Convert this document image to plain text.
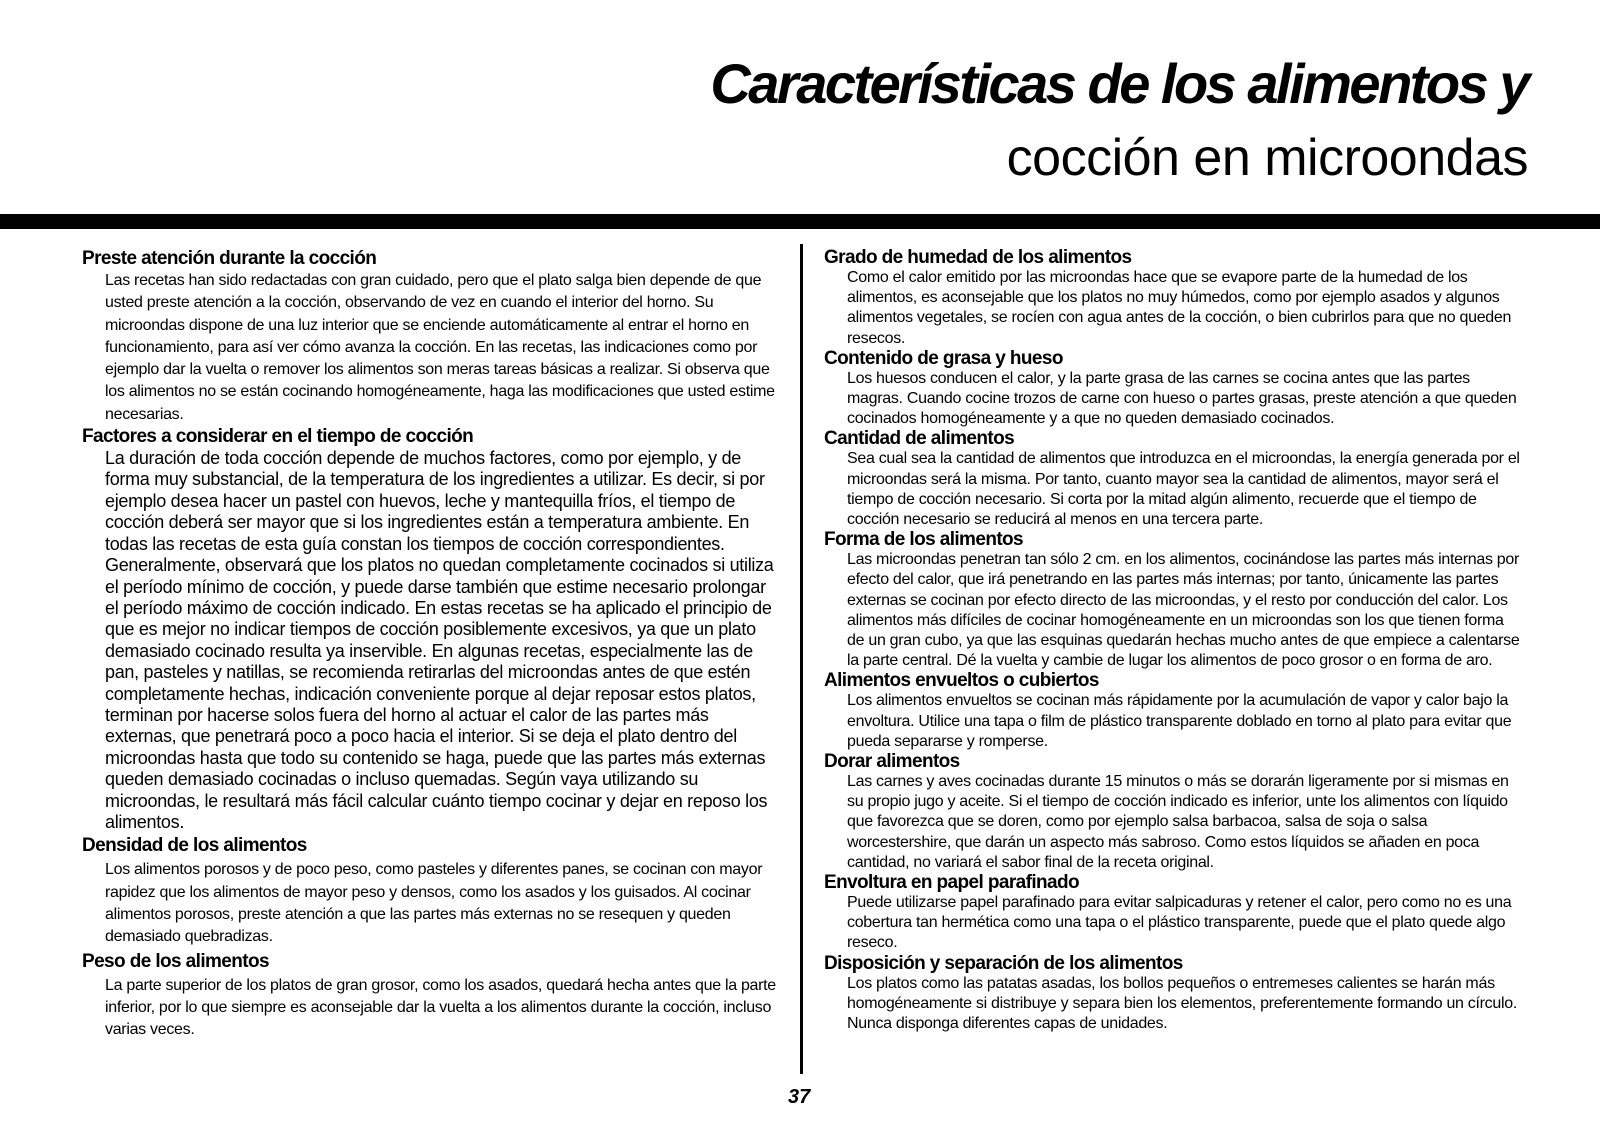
Características de los alimentos y
cocción en microondas
Preste atención durante la cocción

Las recetas han sido redactadas con gran cuidado, pero que el plato salga bien depende de que usted preste atención a la cocción, observando de vez en cuando el interior del horno. Su microondas dispone de una luz interior que se enciende automáticamente al entrar el horno en funcionamiento, para así ver cómo avanza la cocción. En las recetas, las indicaciones como por ejemplo dar la vuelta o remover los alimentos son meras tareas básicas a realizar. Si observa que los alimentos no se están cocinando homogéneamente, haga las modificaciones que usted estime necesarias.

Factores a considerar en el tiempo de cocción

La duración de toda cocción depende de muchos factores, como por ejemplo, y de forma muy substancial, de la temperatura de los ingredientes a utilizar. Es decir, si por ejemplo desea hacer un pastel con huevos, leche y mantequilla fríos, el tiempo de cocción deberá ser mayor que si los ingredientes están a temperatura ambiente. En todas las recetas de esta guía constan los tiempos de cocción correspondientes. Generalmente, observará que los platos no quedan completamente cocinados si utiliza el período mínimo de cocción, y puede darse también que estime necesario prolongar el período máximo de cocción indicado. En estas recetas se ha aplicado el principio de que es mejor no indicar tiempos de cocción posiblemente excesivos, ya que un plato demasiado cocinado resulta ya inservible. En algunas recetas, especialmente las de pan, pasteles y natillas, se recomienda retirarlas del microondas antes de que estén completamente hechas, indicación conveniente porque al dejar reposar estos platos, terminan por hacerse solos fuera del horno al actuar el calor de las partes más externas, que penetrará poco a poco hacia el interior. Si se deja el plato dentro del microondas hasta que todo su contenido se haga, puede que las partes más externas queden demasiado cocinadas o incluso quemadas. Según vaya utilizando su microondas, le resultará más fácil calcular cuánto tiempo cocinar y dejar en reposo los alimentos.

Densidad de los alimentos

Los alimentos porosos y de poco peso, como pasteles y diferentes panes, se cocinan con mayor rapidez que los alimentos de mayor peso y densos, como los asados y los guisados. Al cocinar alimentos porosos, preste atención a que las partes más externas no se resequen y queden demasiado quebradizas.

Peso de los alimentos

La parte superior de los platos de gran grosor, como los asados, quedará hecha antes que la parte inferior, por lo que siempre es aconsejable dar la vuelta a los alimentos durante la cocción, incluso varias veces.

Grado de humedad de los alimentos

Como el calor emitido por las microondas hace que se evapore parte de la humedad de los alimentos, es aconsejable que los platos no muy húmedos, como por ejemplo asados y algunos alimentos vegetales, se rocíen con agua antes de la cocción, o bien cubrirlos para que no queden resecos.

Contenido de grasa y hueso

Los huesos conducen el calor, y la parte grasa de las carnes se cocina antes que las partes magras. Cuando cocine trozos de carne con hueso o partes grasas, preste atención a que queden cocinados homogéneamente y a que no queden demasiado cocinados.

Cantidad de alimentos

Sea cual sea la cantidad de alimentos que introduzca en el microondas, la energía generada por el microondas será la misma. Por tanto, cuanto mayor sea la cantidad de alimentos, mayor será el tiempo de cocción necesario. Si corta por la mitad algún alimento, recuerde que el tiempo de cocción necesario se reducirá al menos en una tercera parte.

Forma de los alimentos

Las microondas penetran tan sólo 2 cm. en los alimentos, cocinándose las partes más internas por efecto del calor, que irá penetrando en las partes más internas; por tanto, únicamente las partes externas se cocinan por efecto directo de las microondas, y el resto por conducción del calor. Los alimentos más difíciles de cocinar homogéneamente en un microondas son los que tienen forma de un gran cubo, ya que las esquinas quedarán hechas mucho antes de que empiece a calentarse la parte central. Dé la vuelta y cambie de lugar los alimentos de poco grosor o en forma de aro.

Alimentos envueltos o cubiertos

Los alimentos envueltos se cocinan más rápidamente por la acumulación de vapor y calor bajo la envoltura. Utilice una tapa o film de plástico transparente doblado en torno al plato para evitar que pueda separarse y romperse.

Dorar alimentos

Las carnes y aves cocinadas durante 15 minutos o más se dorarán ligeramente por si mismas en su propio jugo y aceite. Si el tiempo de cocción indicado es inferior, unte los alimentos con líquido que favorezca que se doren, como por ejemplo salsa barbacoa, salsa de soja o salsa worcestershire, que darán un aspecto más sabroso. Como estos líquidos se añaden en poca cantidad, no variará el sabor final de la receta original.

Envoltura en papel parafinado

Puede utilizarse papel parafinado para evitar salpicaduras y retener el calor, pero como no es una cobertura tan hermética como una tapa o el plástico transparente, puede que el plato quede algo reseco.

Disposición y separación de los alimentos

Los platos como las patatas asadas, los bollos pequeños o entremeses calientes se harán más homogéneamente si distribuye y separa bien los elementos, preferentemente formando un círculo. Nunca disponga diferentes capas de unidades.

37
